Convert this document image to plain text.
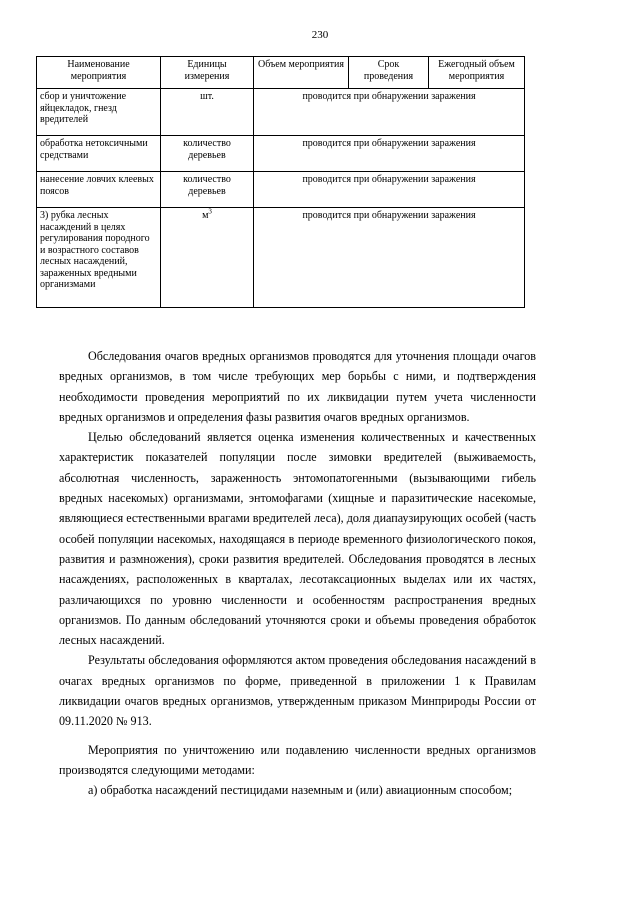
230
Наименование мероприятия	Единицы измерения	Объем мероприятия	Срок проведения	Ежегодный объем мероприятия
сбор и уничтожение яйцекладок, гнезд вредителей	шт.	проводится при обнаружении заражения		
обработка нетоксичными средствами	количество деревьев	проводится при обнаружении заражения		
нанесение ловчих клеевых поясов	количество деревьев	проводится при обнаружении заражения		
3) рубка лесных насаждений в целях регулирования породного и возрастного составов лесных насаждений, зараженных вредными организмами	$м^3$	проводится при обнаружении заражения		

Обследования очагов вредных организмов проводятся для уточнения площади очагов вредных организмов, в том числе требующих мер борьбы с ними, и подтверждения необходимости проведения мероприятий по их ликвидации путем учета численности вредных организмов и определения фазы развития очагов вредных организмов.

Целью обследований является оценка изменения количественных и качественных характеристик показателей популяции после зимовки вредителей (выживаемость, абсолютная численность, зараженность энтомопатогенными (вызывающими гибель вредных насекомых) организмами, энтомофагами (хищные и паразитические насекомые, являющиеся естественными врагами вредителей леса), доля диапаузирующих особей (часть особей популяции насекомых, находящаяся в периоде временного физиологического покоя, развития и размножения), сроки развития вредителей. Обследования проводятся в лесных насаждениях, расположенных в кварталах, лесотаксационных выделах или их частях, различающихся по уровню численности и особенностям распространения вредных организмов. По данным обследований уточняются сроки и объемы проведения обработок лесных насаждений.

Результаты обследования оформляются актом проведения обследования насаждений в очагах вредных организмов по форме, приведенной в приложении 1 к Правилам ликвидации очагов вредных организмов, утвержденным приказом Минприроды России от 09.11.2020 № 913.

Мероприятия по уничтожению или подавлению численности вредных организмов производятся следующими методами:

а) обработка насаждений пестицидами наземным и (или) авиационным способом;
